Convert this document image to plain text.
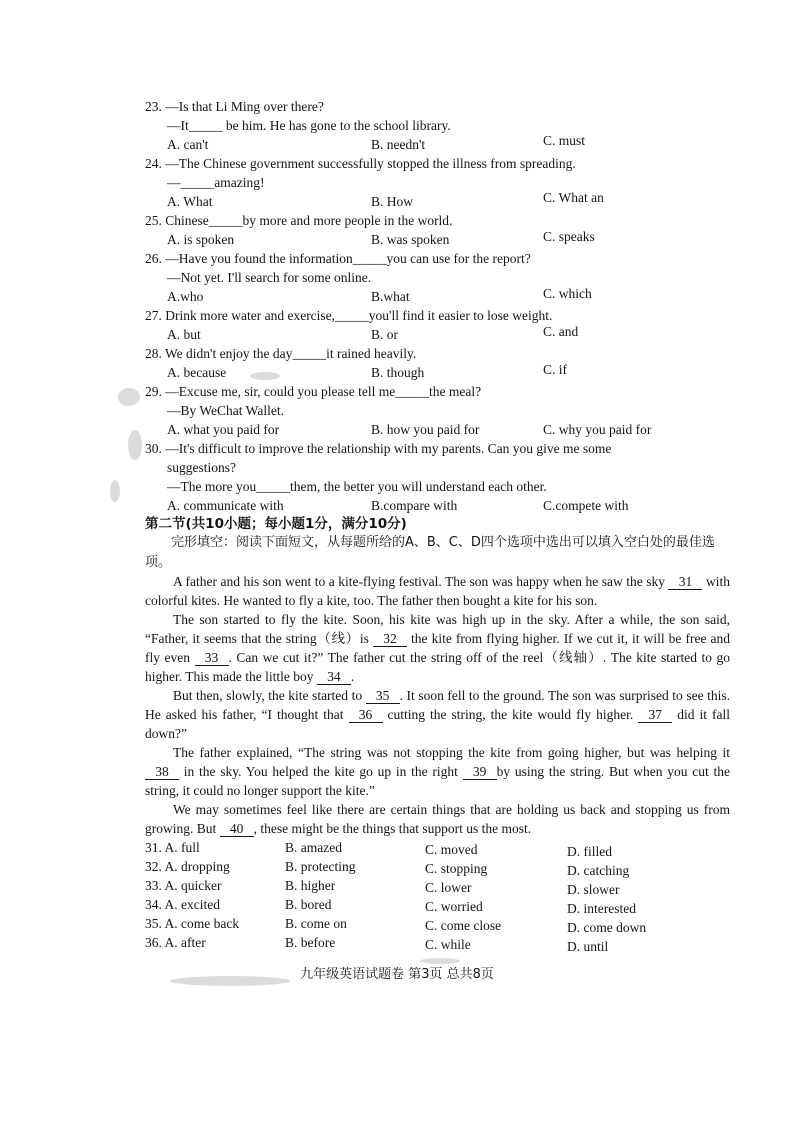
23. —Is that Li Ming over there?
—It_____ be him. He has gone to the school library.
A. can't	B. needn't	C. must
24. —The Chinese government successfully stopped the illness from spreading.
—_____amazing!
A. What	B. How	C. What an
25. Chinese_____by more and more people in the world.
A. is spoken	B. was spoken	C. speaks
26. —Have you found the information_____you can use for the report?
—Not yet. I'll search for some online.
A.who	B.what	C. which
27. Drink more water and exercise,_____you'll find it easier to lose weight.
A. but	B. or	C. and
28. We didn't enjoy the day_____it rained heavily.
A. because	B. though	C. if
29. —Excuse me, sir, could you please tell me_____the meal?
—By WeChat Wallet.
A. what you paid for	B. how you paid for	C. why you paid for
30. —It's difficult to improve the relationship with my parents. Can you give me some
suggestions?
—The more you_____them, the better you will understand each other.
A. communicate with	B.compare with	C.compete with
第二节(共10小题；每小题1分，满分10分)

完形填空：阅读下面短文，从每题所给的A、B、C、D四个选项中选出可以填入空白处的最佳选项。

A father and his son went to a kite-flying festival. The son was happy when he saw the sky 31 with colorful kites. He wanted to fly a kite, too. The father then bought a kite for his son.

The son started to fly the kite. Soon, his kite was high up in the sky. After a while, the son said, “Father, it seems that the string（线）is 32 the kite from flying higher. If we cut it, it will be free and fly even 33 . Can we cut it?” The father cut the string off of the reel（线轴）. The kite started to go higher. This made the little boy 34 .

But then, slowly, the kite started to 35 . It soon fell to the ground. The son was surprised to see this. He asked his father, “I thought that 36 cutting the string, the kite would fly higher. 37 did it fall down?”

The father explained, “The string was not stopping the kite from going higher, but was helping it 38 in the sky. You helped the kite go up in the right 39 by using the string. But when you cut the string, it could no longer support the kite.”

We may sometimes feel like there are certain things that are holding us back and stopping us from growing. But 40 , these might be the things that support us the most.

31. A. full	B. amazed	C. moved	D. filled
32. A. dropping	B. protecting	C. stopping	D. catching
33. A. quicker	B. higher	C. lower	D. slower
34. A. excited	B. bored	C. worried	D. interested
35. A. come back	B. come on	C. come close	D. come down
36. A. after	B. before	C. while	D. until
九年级英语试题卷 第3页 总共8页
